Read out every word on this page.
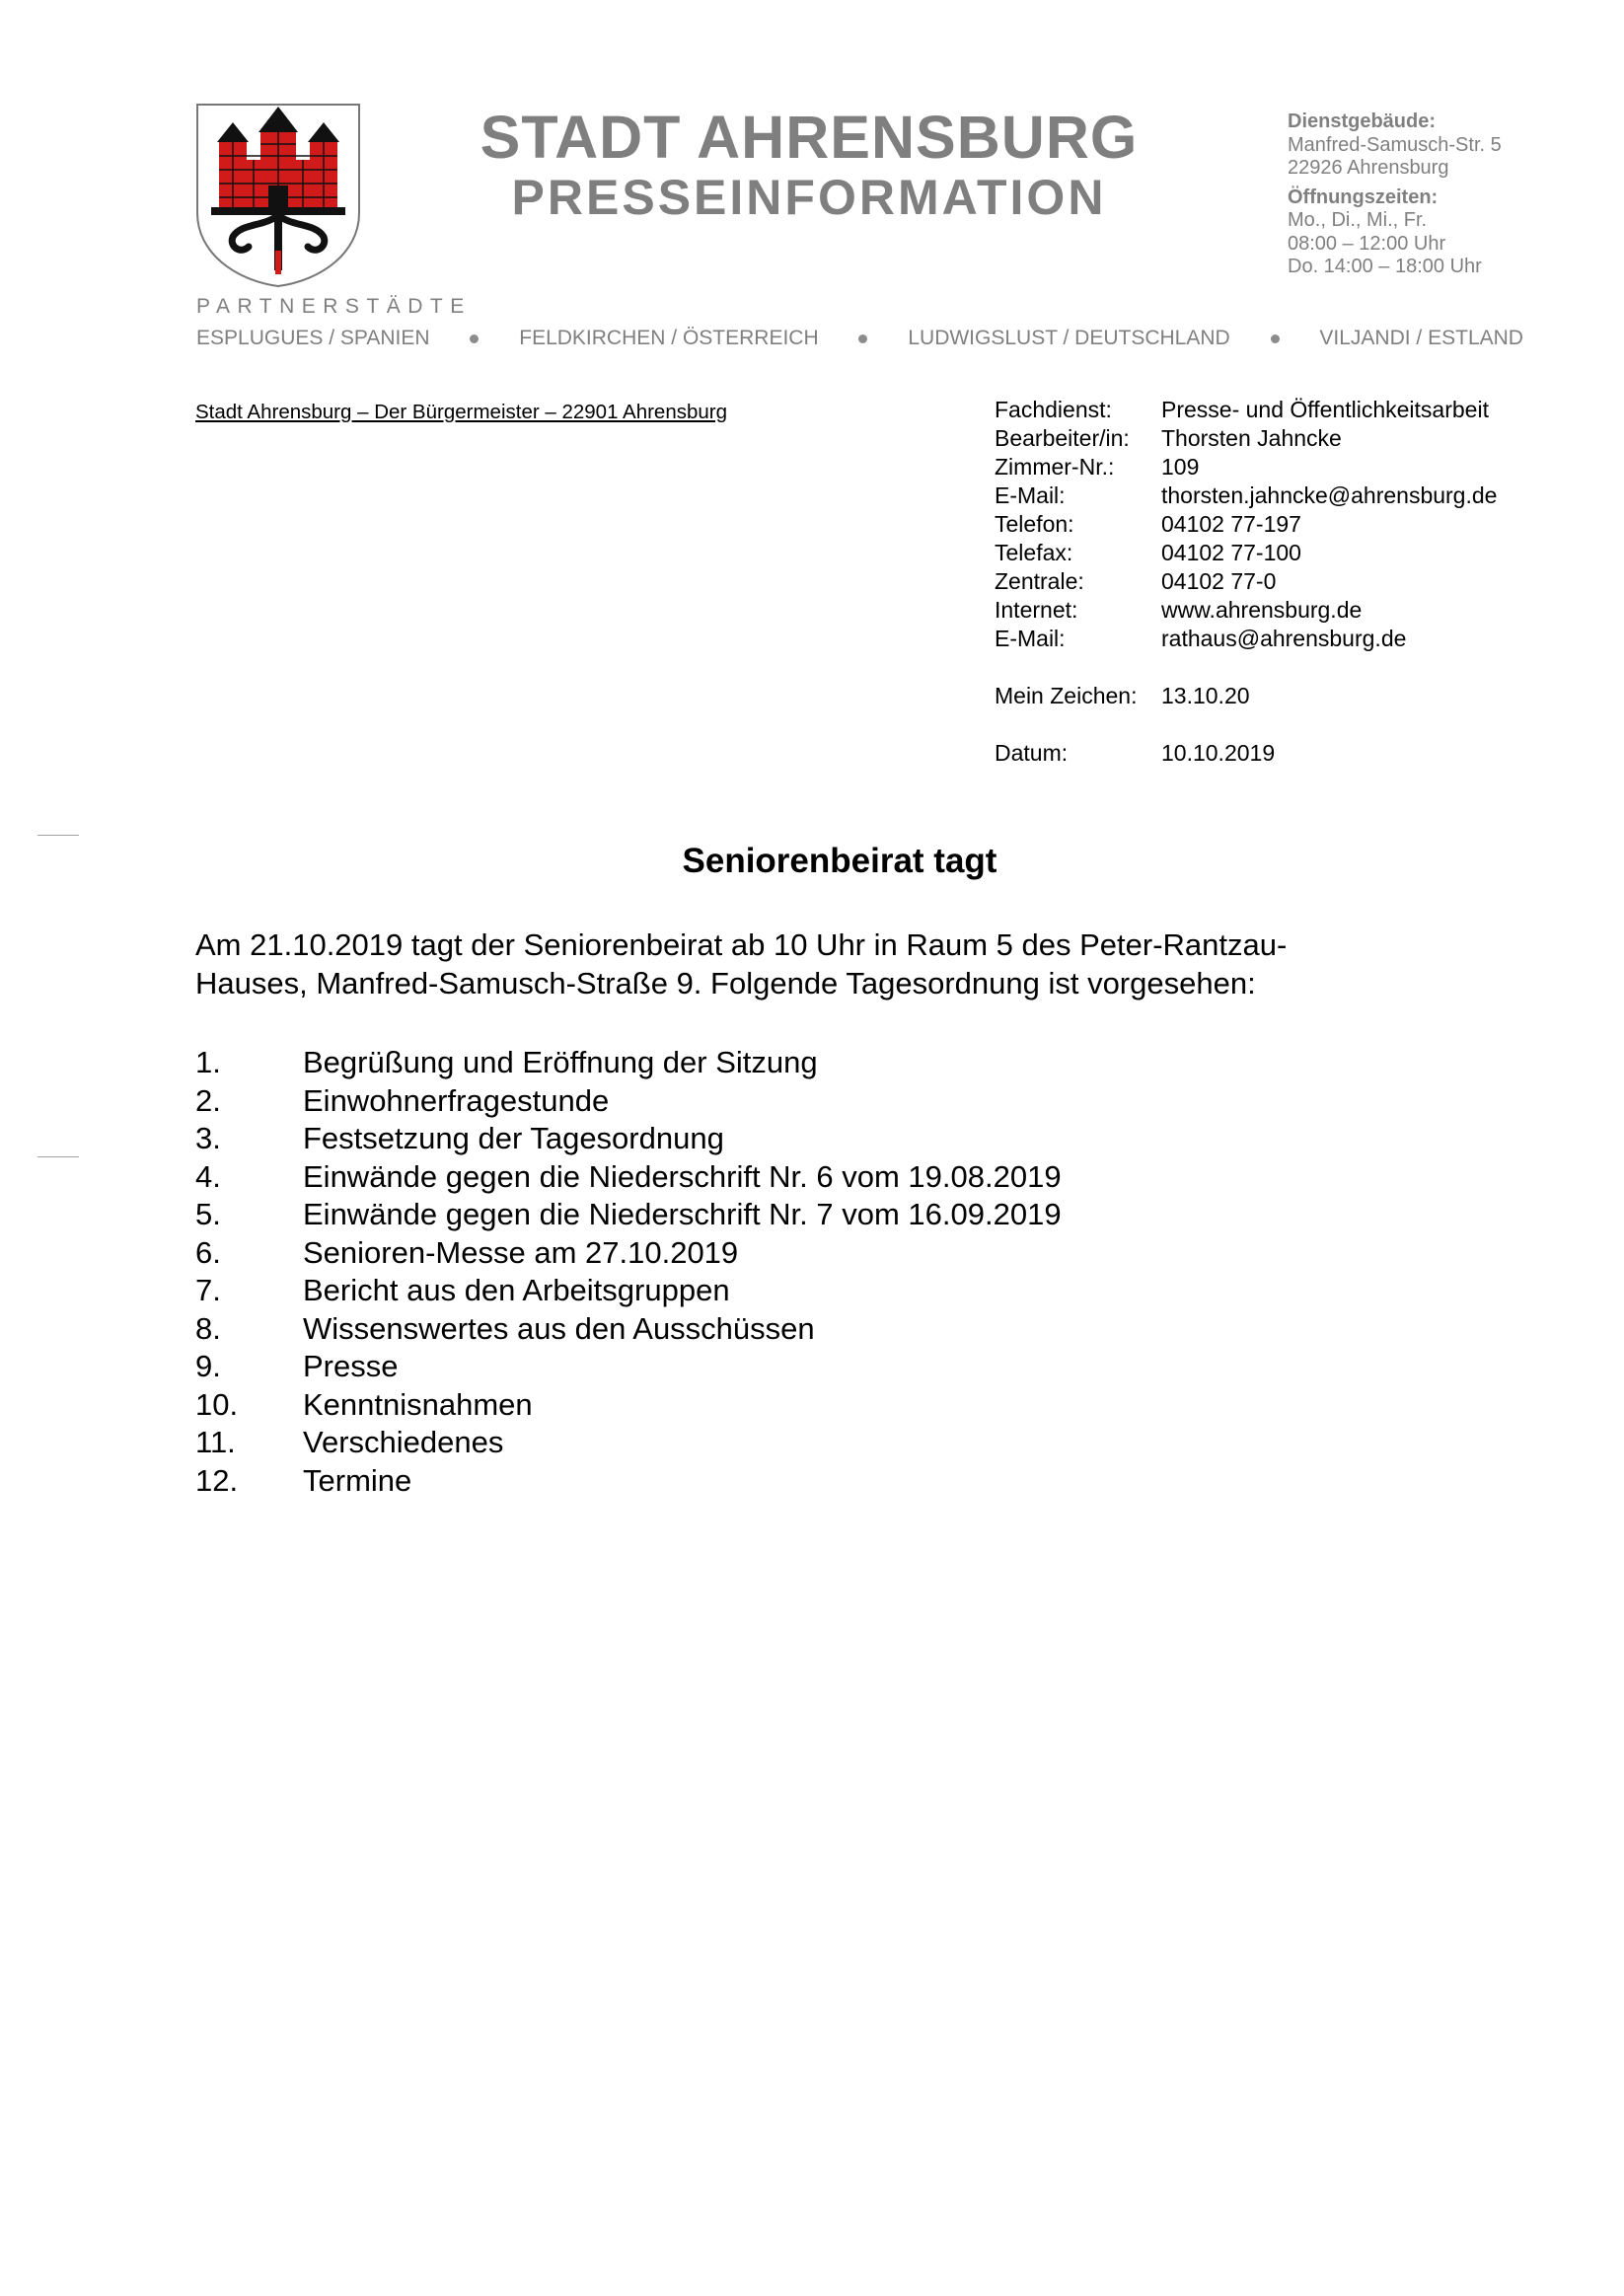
STADT AHRENSBURG
PRESSEINFORMATION
Dienstgebäude:
Manfred-Samusch-Str. 5
22926 Ahrensburg
Öffnungszeiten:
Mo., Di., Mi., Fr.
08:00 – 12:00 Uhr
Do. 14:00 – 18:00 Uhr
PARTNERSTÄDTE
ESPLUGUES / SPANIEN	FELDKIRCHEN / ÖSTERREICH	LUDWIGSLUST / DEUTSCHLAND	VILJANDI / ESTLAND
Stadt Ahrensburg – Der Bürgermeister – 22901 Ahrensburg	Fachdienst:	Presse- und Öffentlichkeitsarbeit
Bearbeiter/in:	Thorsten Jahncke
Zimmer-Nr.:	109
E-Mail:	thorsten.jahncke@ahrensburg.de
Telefon:	04102 77-197
Telefax:	04102 77-100
Zentrale:	04102 77-0
Internet:	www.ahrensburg.de
E-Mail:	rathaus@ahrensburg.de
Mein Zeichen:	13.10.20
Datum:	10.10.2019
Seniorenbeirat tagt
Am 21.10.2019 tagt der Seniorenbeirat ab 10 Uhr in Raum 5 des Peter-Rantzau-
Hauses, Manfred-Samusch-Straße 9. Folgende Tagesordnung ist vorgesehen:
1.	Begrüßung und Eröffnung der Sitzung
2.	Einwohnerfragestunde
3.	Festsetzung der Tagesordnung
4.	Einwände gegen die Niederschrift Nr. 6 vom 19.08.2019
5.	Einwände gegen die Niederschrift Nr. 7 vom 16.09.2019
6.	Senioren-Messe am 27.10.2019
7.	Bericht aus den Arbeitsgruppen
8.	Wissenswertes aus den Ausschüssen
9.	Presse
10.	Kenntnisnahmen
11.	Verschiedenes
12.	Termine
